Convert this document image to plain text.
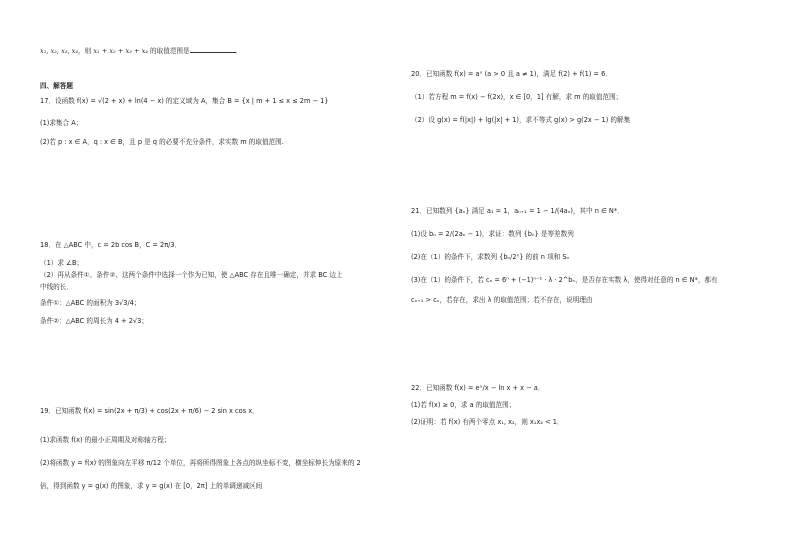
x₁, x₂, x₃, x₄，则 x₁ + x₂ + x₃ + x₄ 的取值范围是	．
四、解答题
17．设函数 f(x) = √(2 + x) + ln(4 − x) 的定义域为 A，集合 B = {x | m + 1 ≤ x ≤ 2m − 1}
(1)求集合 A；
(2)若 p : x ∈ A，q : x ∈ B，且 p 是 q 的必要不充分条件，求实数 m 的取值范围.
18．在 △ABC 中，c = 2b cos B，C = 2π/3．
（1）求 ∠B；
（2）再从条件①、条件②、这两个条件中选择一个作为已知，使 △ABC 存在且唯一确定，并求 BC 边上
中线的长．
条件①：△ABC 的面积为 3√3/4；
条件②：△ABC 的周长为 4 + 2√3；
19．已知函数 f(x) = sin(2x + π/3) + cos(2x + π/6) − 2 sin x cos x．
(1)求函数 f(x) 的最小正周期及对称轴方程；
(2)将函数 y = f(x) 的图象向左平移 π/12 个单位，再将所得图象上各点的纵坐标不变，横坐标伸长为原来的 2
倍，得到函数 y = g(x) 的图象，求 y = g(x) 在 [0，2π] 上的单调递减区间
20．已知函数 f(x) = aˣ (a > 0 且 a ≠ 1)，满足 f(2) + f(1) = 6．
（1）若方程 m = f(x) − f(2x)，x ∈ [0，1] 有解，求 m 的取值范围；
（2）设 g(x) = f(|x|) + lg(|x| + 1)，求不等式 g(x) > g(2x − 1) 的解集
21．已知数列 {aₙ} 满足 a₁ = 1，aₙ₊₁ = 1 − 1/(4aₙ)，其中 n ∈ N*．
(1)设 bₙ = 2/(2aₙ − 1)，求证：数列 {bₙ} 是等差数列
(2)在（1）的条件下，求数列 {bₙ/2ⁿ} 的前 n 项和 Sₙ
(3)在（1）的条件下，若 cₙ = 6ⁿ + (−1)ⁿ⁻¹ · λ · 2^bₙ，是否存在实数 λ，使得对任意的 n ∈ N*，都有
cₙ₊₁ > cₙ，若存在，求出 λ 的取值范围；若不存在，说明理由
22．已知函数 f(x) = eˣ/x − ln x + x − a．
(1)若 f(x) ≥ 0，求 a 的取值范围；
(2)证明：若 f(x) 有两个零点 x₁, x₂，则 x₁x₂ < 1．
